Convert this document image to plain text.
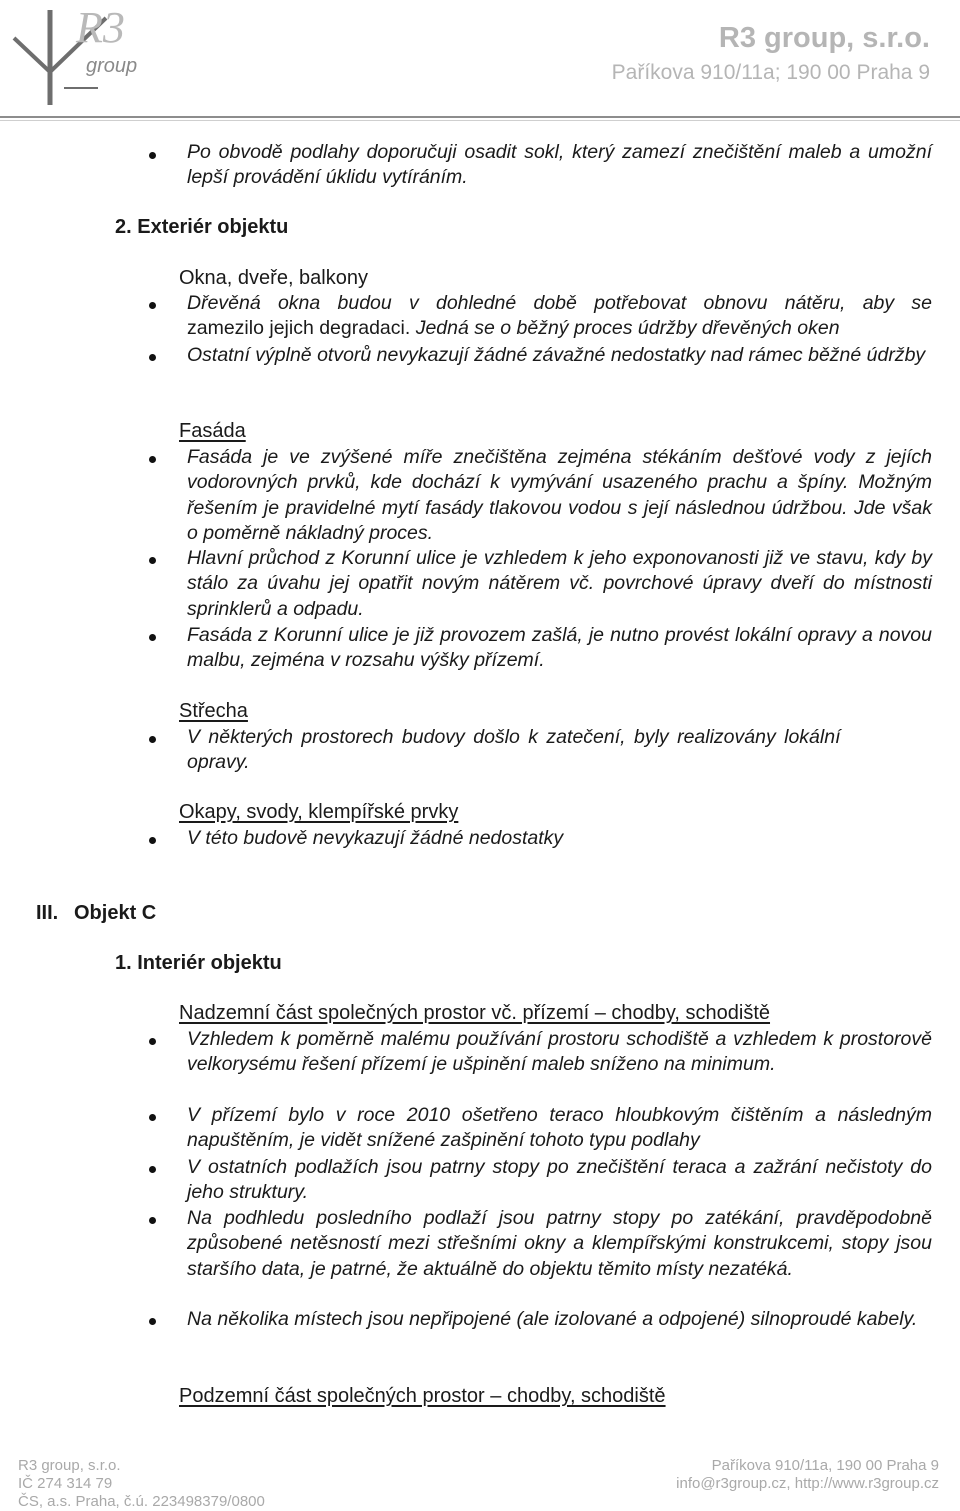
R3
group
R3 group, s.r.o.
Paříkova 910/11a; 190 00 Praha 9
Po obvodě podlahy doporučuji osadit sokl, který zamezí znečištění maleb a umožní lepší provádění úklidu vytíráním.
2. Exteriér objektu
Okna, dveře, balkony
Dřevěná okna budou v dohledné době potřebovat obnovu nátěru, aby se
zamezilo jejich degradaci. Jedná se o běžný proces údržby dřevěných oken
Ostatní výplně otvorů nevykazují žádné závažné nedostatky nad rámec běžné údržby
Fasáda
Fasáda je ve zvýšené míře znečištěna zejména stékáním dešťové vody z jejích vodorovných prvků, kde dochází k vymývání usazeného prachu a špíny. Možným řešením je pravidelné mytí fasády tlakovou vodou s její následnou údržbou. Jde však o poměrně nákladný proces.
Hlavní průchod z Korunní ulice je vzhledem k jeho exponovanosti již ve stavu, kdy by stálo za úvahu jej opatřit novým nátěrem vč. povrchové úpravy dveří do místnosti sprinklerů a odpadu.
Fasáda z Korunní ulice je již provozem zašlá, je nutno provést lokální opravy a novou malbu, zejména v rozsahu výšky přízemí.
Střecha
V některých prostorech budovy došlo k zatečení, byly realizovány lokální
opravy.
Okapy, svody, klempířské prvky
V této budově nevykazují žádné nedostatky
III. Objekt C
1. Interiér objektu
Nadzemní část společných prostor vč. přízemí – chodby, schodiště
Vzhledem k poměrně malému používání prostoru schodiště a vzhledem k prostorově velkorysému řešení přízemí je ušpinění maleb sníženo na minimum.
V přízemí bylo v roce 2010 ošetřeno teraco hloubkovým čištěním a následným napuštěním, je vidět snížené zašpinění tohoto typu podlahy
V ostatních podlažích jsou patrny stopy po znečištění teraca a zažrání nečistoty do jeho struktury.
Na podhledu posledního podlaží jsou patrny stopy po zatékání, pravděpodobně způsobené netěsností mezi střešními okny a klempířskými konstrukcemi, stopy jsou staršího data, je patrné, že aktuálně do objektu těmito místy nezatéká.
Na několika místech jsou nepřipojené (ale izolované a odpojené) silnoproudé kabely.
Podzemní část společných prostor – chodby, schodiště
R3 group, s.r.o.
IČ 274 314 79
ČS, a.s. Praha, č.ú. 223498379/0800
Paříkova 910/11a, 190 00 Praha 9
info@r3group.cz, http://www.r3group.cz
